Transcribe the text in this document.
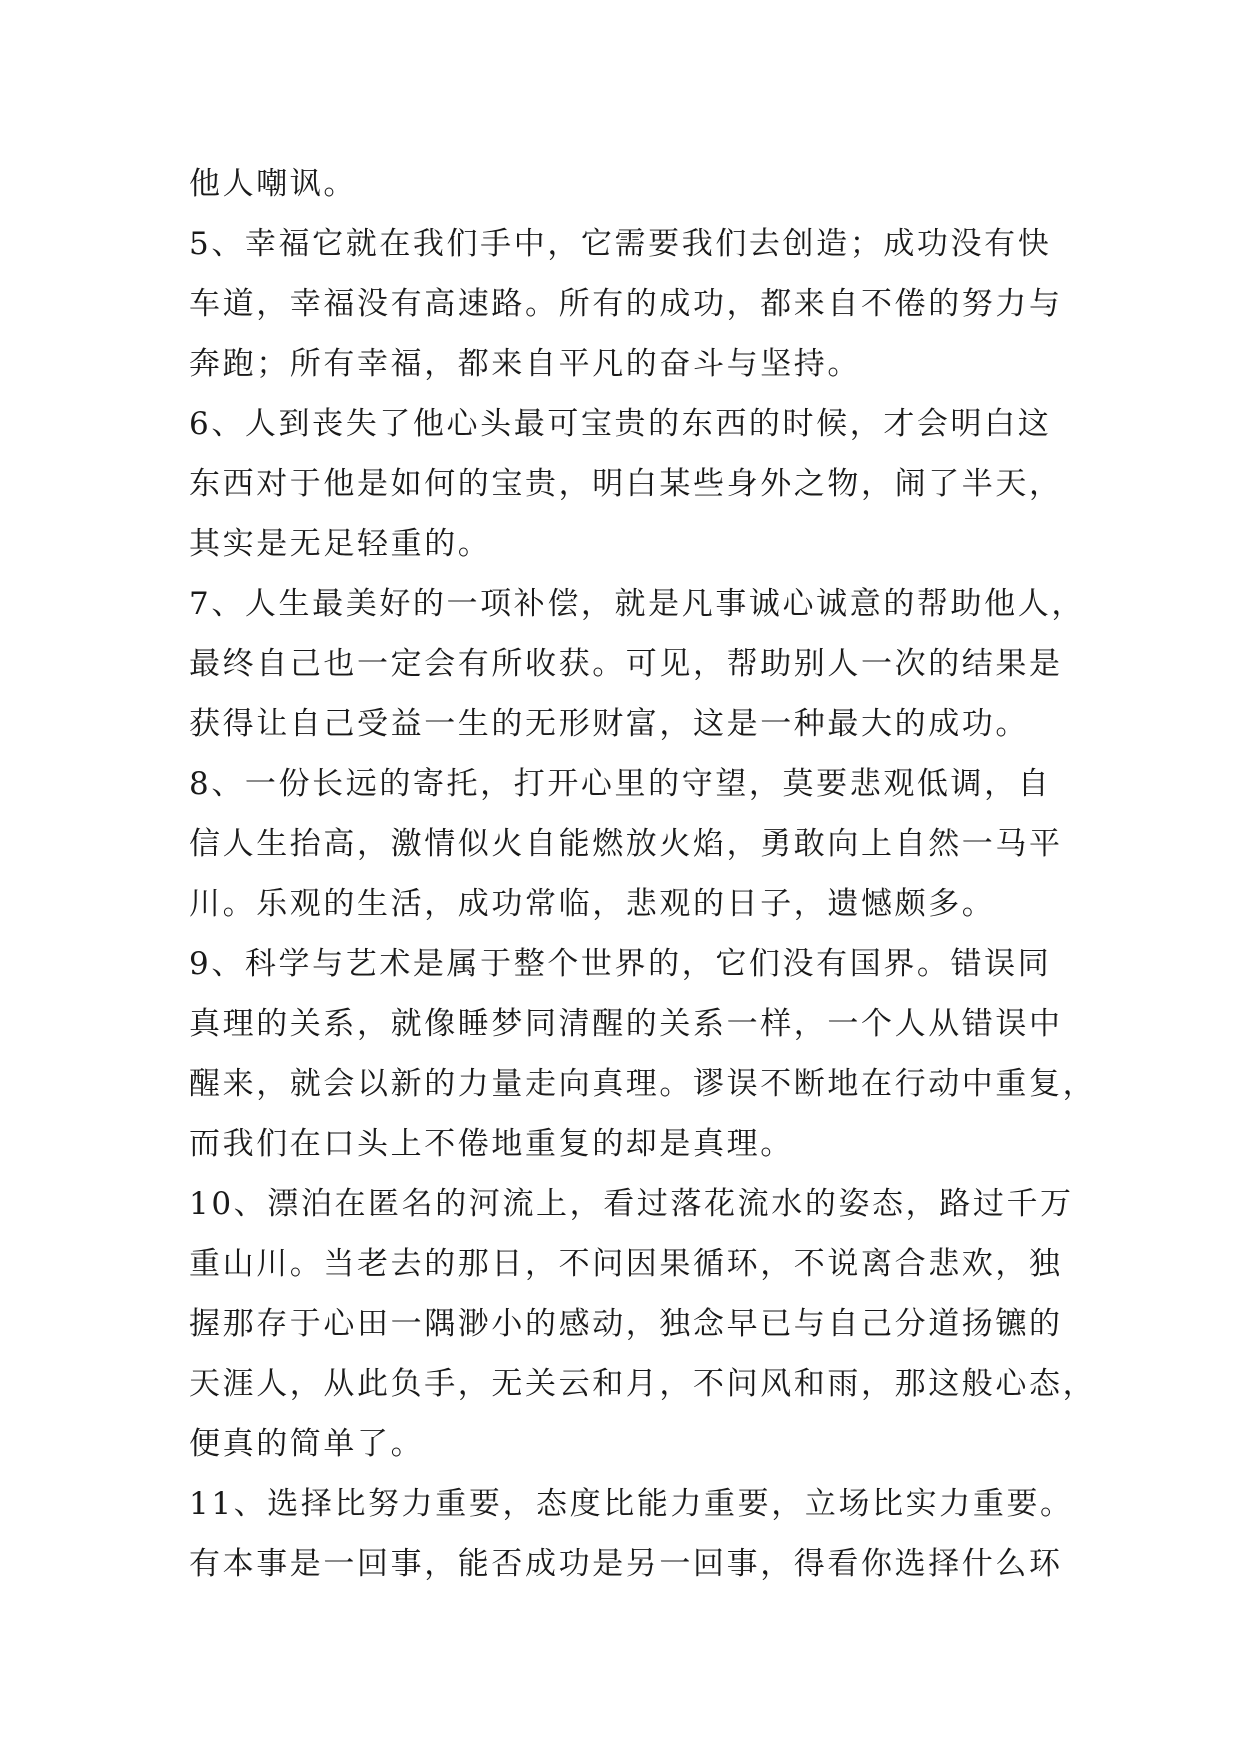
他人嘲讽。
5、幸福它就在我们手中，它需要我们去创造；成功没有快
车道，幸福没有高速路。所有的成功，都来自不倦的努力与
奔跑；所有幸福，都来自平凡的奋斗与坚持。
6、人到丧失了他心头最可宝贵的东西的时候，才会明白这
东西对于他是如何的宝贵，明白某些身外之物，闹了半天，
其实是无足轻重的。
7、人生最美好的一项补偿，就是凡事诚心诚意的帮助他人，
最终自己也一定会有所收获。可见，帮助别人一次的结果是
获得让自己受益一生的无形财富，这是一种最大的成功。
8、一份长远的寄托，打开心里的守望，莫要悲观低调，自
信人生抬高，激情似火自能燃放火焰，勇敢向上自然一马平
川。乐观的生活，成功常临，悲观的日子，遗憾颇多。
9、科学与艺术是属于整个世界的，它们没有国界。错误同
真理的关系，就像睡梦同清醒的关系一样，一个人从错误中
醒来，就会以新的力量走向真理。谬误不断地在行动中重复，
而我们在口头上不倦地重复的却是真理。
10、漂泊在匿名的河流上，看过落花流水的姿态，路过千万
重山川。当老去的那日，不问因果循环，不说离合悲欢，独
握那存于心田一隅渺小的感动，独念早已与自己分道扬镳的
天涯人，从此负手，无关云和月，不问风和雨，那这般心态，
便真的简单了。
11、选择比努力重要，态度比能力重要，立场比实力重要。
有本事是一回事，能否成功是另一回事，得看你选择什么环
